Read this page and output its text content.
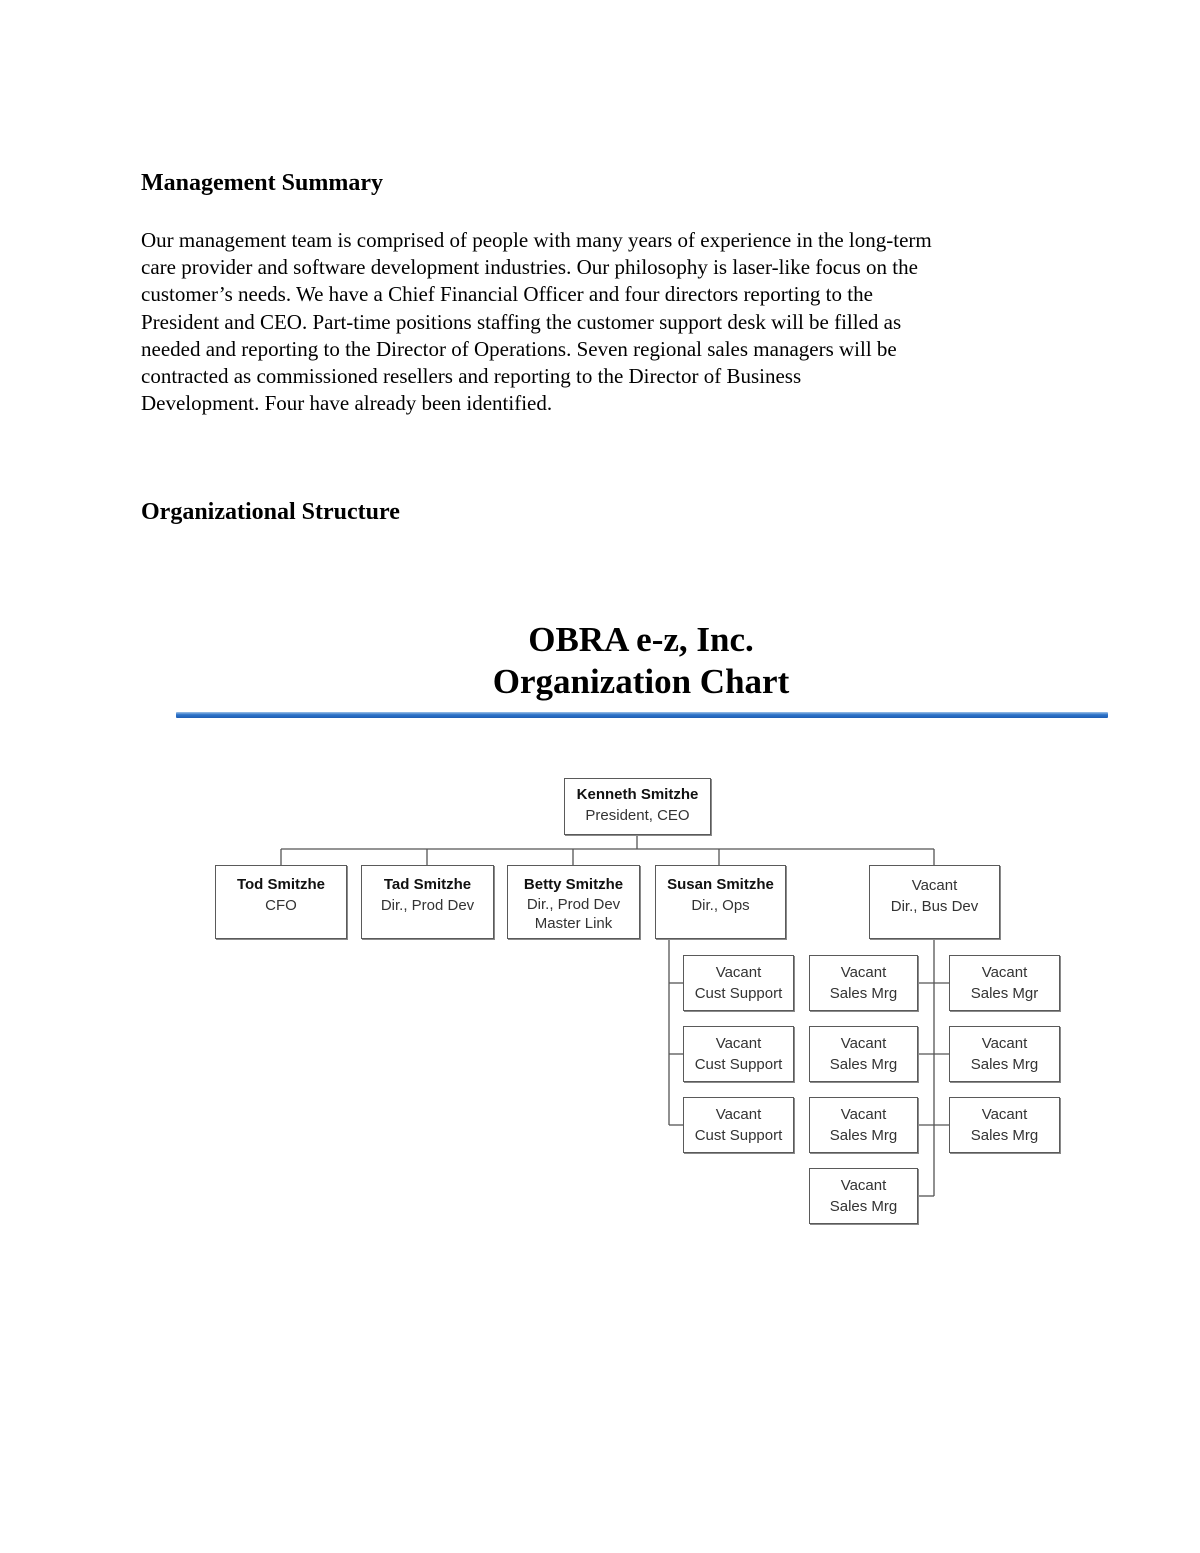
Management Summary

Our management team is comprised of people with many years of experience in the long-term
care provider and software development industries. Our philosophy is laser-like focus on the
customer’s needs. We have a Chief Financial Officer and four directors reporting to the
President and CEO. Part-time positions staffing the customer support desk will be filled as
needed and reporting to the Director of Operations. Seven regional sales managers will be
contracted as commissioned resellers and reporting to the Director of Business
Development. Four have already been identified.

Organizational Structure
OBRA e-z, Inc.
Organization Chart
Kenneth Smitzhe
President, CEO
Tod Smitzhe
CFO
Tad Smitzhe
Dir., Prod Dev
Betty Smitzhe
Dir., Prod Dev
Master Link
Susan Smitzhe
Dir., Ops
Vacant
Dir., Bus Dev
Vacant
Cust Support
Vacant
Cust Support
Vacant
Cust Support
Vacant
Sales Mrg
Vacant
Sales Mrg
Vacant
Sales Mrg
Vacant
Sales Mrg
Vacant
Sales Mgr
Vacant
Sales Mrg
Vacant
Sales Mrg
